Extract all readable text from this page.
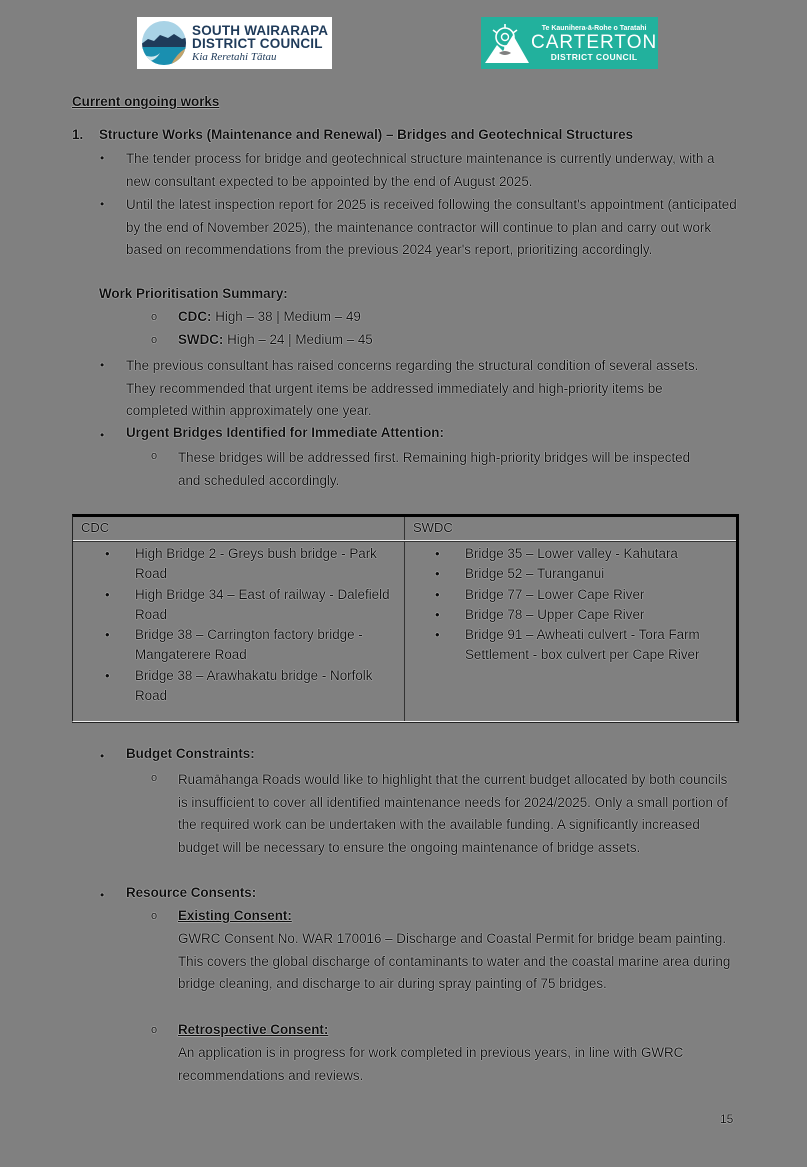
SOUTH WAIRARAPA
DISTRICT COUNCIL
Kia Reretahi Tātau
Te Kaunihera-ā-Rohe o Taratahi
CARTERTON
DISTRICT COUNCIL
Current ongoing works
1. Structure Works (Maintenance and Renewal) – Bridges and Geotechnical Structures
• The tender process for bridge and geotechnical structure maintenance is currently underway, with a new consultant expected to be appointed by the end of August 2025.
• Until the latest inspection report for 2025 is received following the consultant's appointment (anticipated by the end of November 2025), the maintenance contractor will continue to plan and carry out work based on recommendations from the previous 2024 year's report, prioritizing accordingly.
Work Prioritisation Summary:
o CDC: High – 38 | Medium – 49
o SWDC: High – 24 | Medium – 45
• The previous consultant has raised concerns regarding the structural condition of several assets. They recommended that urgent items be addressed immediately and high-priority items be completed within approximately one year.
• Urgent Bridges Identified for Immediate Attention:
o These bridges will be addressed first. Remaining high-priority bridges will be inspected and scheduled accordingly.
CDC	SWDC
• High Bridge 2 - Greys bush bridge - Park Road
• High Bridge 34 – East of railway - Dalefield Road
• Bridge 38 – Carrington factory bridge - Mangaterere Road
• Bridge 38 – Arawhakatu bridge - Norfolk Road
• Bridge 35 – Lower valley - Kahutara
• Bridge 52 – Turanganui
• Bridge 77 – Lower Cape River
• Bridge 78 – Upper Cape River
• Bridge 91 – Awheati culvert - Tora Farm Settlement - box culvert per Cape River
• Budget Constraints:
o Ruamāhanga Roads would like to highlight that the current budget allocated by both councils is insufficient to cover all identified maintenance needs for 2024/2025. Only a small portion of the required work can be undertaken with the available funding. A significantly increased budget will be necessary to ensure the ongoing maintenance of bridge assets.
• Resource Consents:
o Existing Consent:
GWRC Consent No. WAR 170016 – Discharge and Coastal Permit for bridge beam painting. This covers the global discharge of contaminants to water and the coastal marine area during bridge cleaning, and discharge to air during spray painting of 75 bridges.
o Retrospective Consent:
An application is in progress for work completed in previous years, in line with GWRC recommendations and reviews.
15
